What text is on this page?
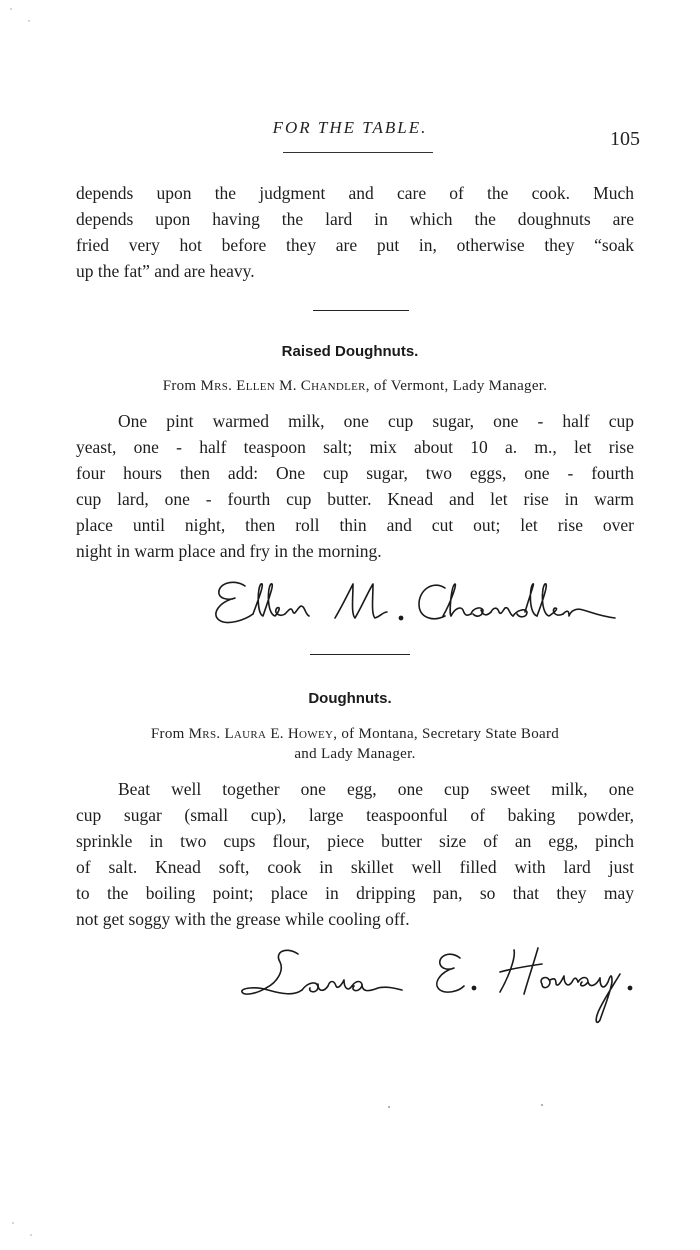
FOR THE TABLE.
105

depends upon the judgment and care of the cook. Much
depends upon having the lard in which the doughnuts are
fried very hot before they are put in, otherwise they “soak
up the fat” and are heavy.

Raised Doughnuts.
From Mrs. Ellen M. Chandler, of Vermont, Lady Manager.

One pint warmed milk, one cup sugar, one - half cup
yeast, one - half teaspoon salt; mix about 10 a. m., let rise
four hours then add: One cup sugar, two eggs, one - fourth
cup lard, one - fourth cup butter. Knead and let rise in warm
place until night, then roll thin and cut out; let rise over
night in warm place and fry in the morning.

Doughnuts.
From Mrs. Laura E. Howey, of Montana, Secretary State Board
and Lady Manager.

Beat well together one egg, one cup sweet milk, one
cup sugar (small cup), large teaspoonful of baking powder,
sprinkle in two cups flour, piece butter size of an egg, pinch
of salt. Knead soft, cook in skillet well filled with lard just
to the boiling point; place in dripping pan, so that they may
not get soggy with the grease while cooling off.
